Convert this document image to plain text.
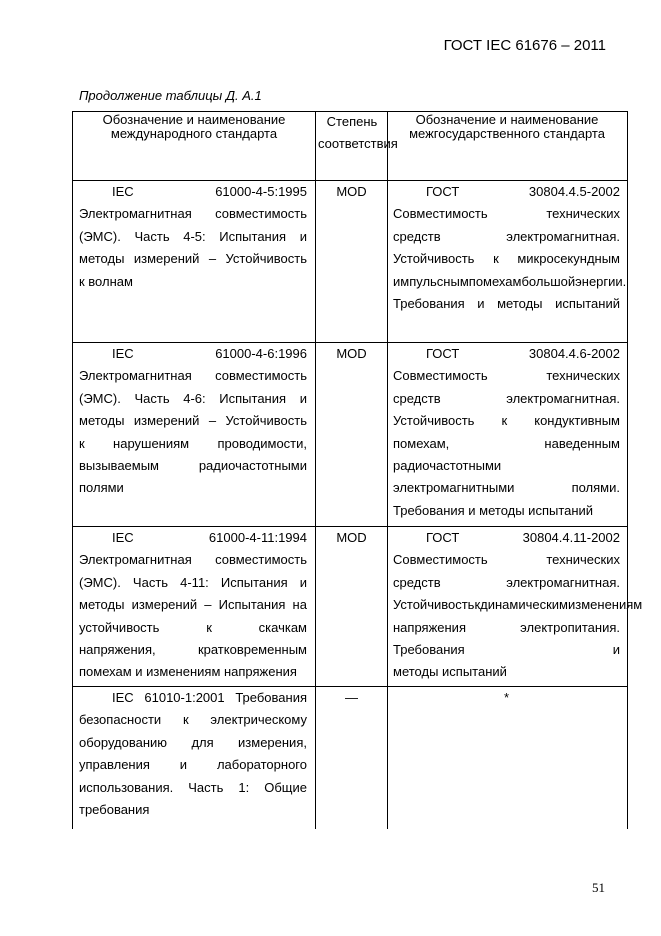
ГОСТ IEC 61676 – 2011
Продолжение таблицы Д. А.1
Обозначение и наименование международного стандарта
Степень соответствия
Обозначение и наименование межгосударственного стандарта
IEC	61000-4-5:1995
Электромагнитная совместимость
(ЭМС). Часть 4-5: Испытания и
методы измерений – Устойчивость
к волнам
MOD	ГОСТ	30804.4.5-2002
Совместимость	технических
средств	электромагнитная.
Устойчивость к микросекундным
импульсным помехам большой энергии.
Требования и методы испытаний
IEC	61000-4-6:1996
Электромагнитная совместимость
(ЭМС). Часть 4-6: Испытания и
методы измерений – Устойчивость
к нарушениям проводимости,
вызываемым	радиочастотными
полями
MOD	ГОСТ	30804.4.6-2002
Совместимость	технических
средств	электромагнитная.
Устойчивость к кондуктивным
помехам,	наведенным
радиочастотными
электромагнитными	полями.
Требования и методы испытаний
IEC	61000-4-11:1994
Электромагнитная совместимость
(ЭМС). Часть 4-11: Испытания и
методы измерений – Испытания на
устойчивость	к	скачкам
напряжения,	кратковременным
помехам и изменениям напряжения
MOD	ГОСТ	30804.4.11-2002
Совместимость	технических
средств	электромагнитная.
Устойчивость к динамическим изменениям
напряжения	электропитания.
Требования	и
методы испытаний
IEC 61010-1:2001 Требования
безопасности к электрическому
оборудованию для измерения,
управления и лабораторного
использования. Часть 1: Общие
требования
—	*
51
